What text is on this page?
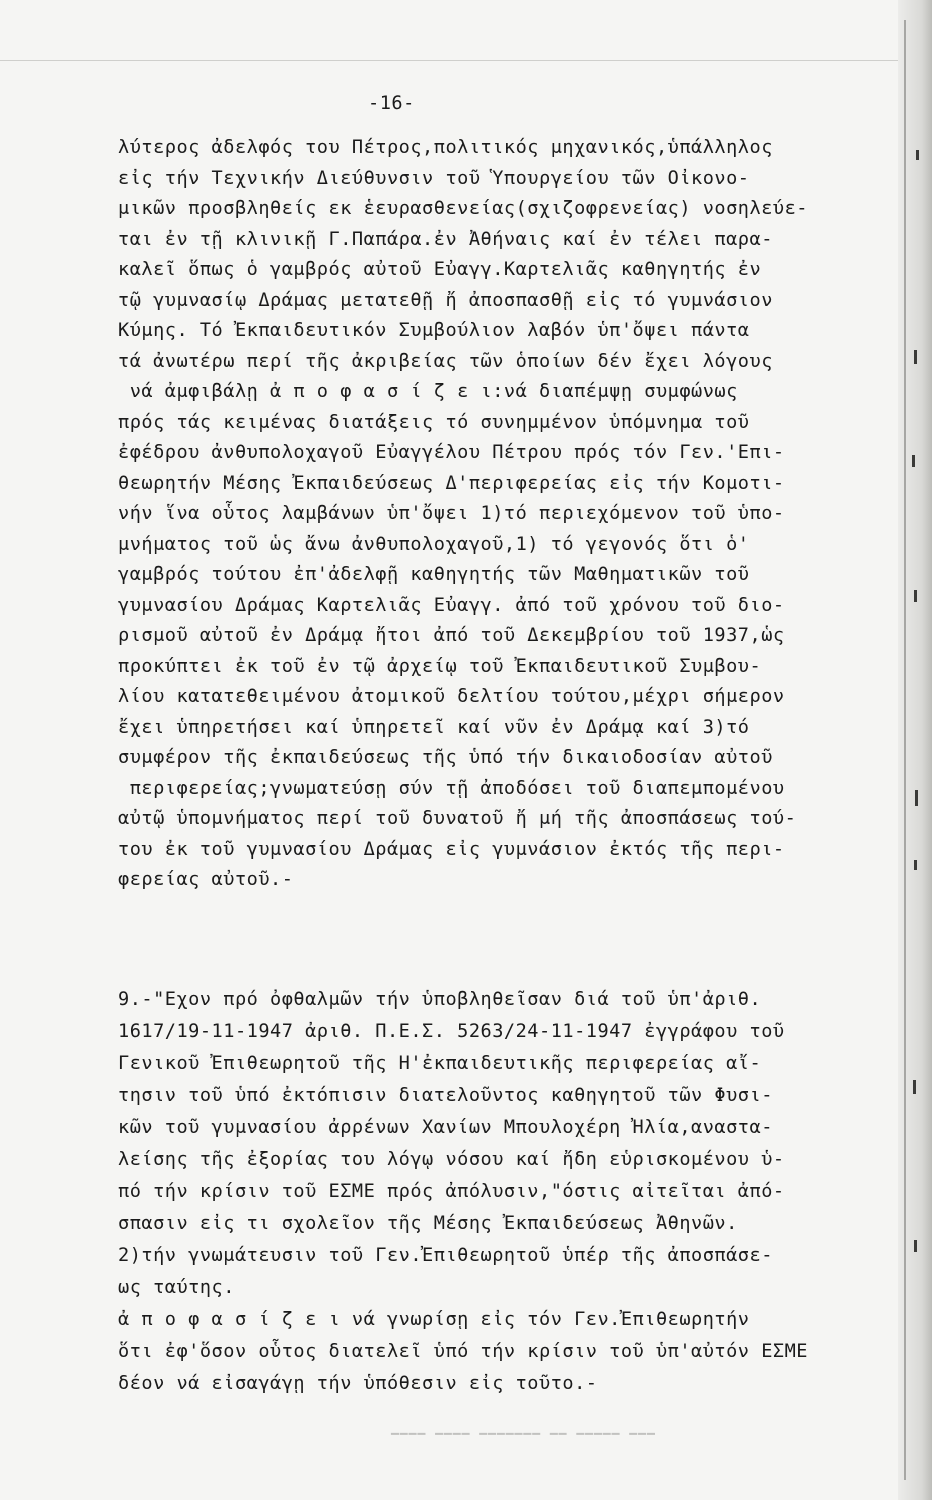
-16-
λύτερος ἀδελφός του Πέτρος,πολιτικός μηχανικός,ὑπάλληλος
εἰς τήν Τεχνικήν Διεύθυνσιν τοῦ Ὑπουργείου τῶν Οἰκονο-
μικῶν προσβληθείς εκ ἑευρασθενείας(σχιζοφρενείας) νοσηλεύε-
ται ἐν τῇ κλινικῇ Γ.Παπάρα.ἐν Ἀθήναις καί ἐν τέλει παρα-
καλεῖ ὅπως ὁ γαμβρός αὐτοῦ Εὐαγγ.Καρτελιᾶς καθηγητής ἐν
τῷ γυμνασίῳ Δράμας μετατεθῇ ἤ ἀποσπασθῇ εἰς τό γυμνάσιον
Κύμης. Τό Ἐκπαιδευτικόν Συμβούλιον λαβόν ὑπ'ὄψει πάντα
τά ἀνωτέρω περί τῆς ἀκριβείας τῶν ὁποίων δέν ἔχει λόγους
νά ἀμφιβάλῃ ἀ π ο φ α σ ί ζ ε ι:νά διαπέμψῃ συμφώνως
πρός τάς κειμένας διατάξεις τό συνημμένον ὑπόμνημα τοῦ
ἐφέδρου ἀνθυπολοχαγοῦ Εὐαγγέλου Πέτρου πρός τόν Γεν.'Επι-
θεωρητήν Μέσης Ἐκπαιδεύσεως Δ'περιφερείας εἰς τήν Κομοτι-
νήν ἵνα οὗτος λαμβάνων ὑπ'ὄψει 1)τό περιεχόμενον τοῦ ὑπο-
μνήματος τοῦ ὡς ἄνω ἀνθυπολοχαγοῦ,1) τό γεγονός ὅτι ὁ'
γαμβρός τούτου ἐπ'ἀδελφῇ καθηγητής τῶν Μαθηματικῶν τοῦ
γυμνασίου Δράμας Καρτελιᾶς Εὐαγγ. ἀπό τοῦ χρόνου τοῦ διο-
ρισμοῦ αὐτοῦ ἐν Δράμᾳ ἤτοι ἀπό τοῦ Δεκεμβρίου τοῦ 1937,ὡς
προκύπτει ἐκ τοῦ ἐν τῷ ἀρχείῳ τοῦ Ἐκπαιδευτικοῦ Συμβου-
λίου κατατεθειμένου ἀτομικοῦ δελτίου τούτου,μέχρι σήμερον
ἔχει ὑπηρετήσει καί ὑπηρετεῖ καί νῦν ἐν Δράμᾳ καί 3)τό
συμφέρον τῆς ἐκπαιδεύσεως τῆς ὑπό τήν δικαιοδοσίαν αὐτοῦ
περιφερείας;γνωματεύσῃ σύν τῇ ἀποδόσει τοῦ διαπεμπομένου
αὐτῷ ὑπομνήματος περί τοῦ δυνατοῦ ἤ μή τῆς ἀποσπάσεως τού-
του ἐκ τοῦ γυμνασίου Δράμας εἰς γυμνάσιον ἐκτός τῆς περι-
φερείας αὐτοῦ.-
9.-"Εχον πρό ὀφθαλμῶν τήν ὑποβληθεῖσαν διά τοῦ ὑπ'ἀριθ.
1617/19-11-1947 ἀριθ. Π.Ε.Σ. 5263/24-11-1947 ἐγγράφου τοῦ
Γενικοῦ Ἐπιθεωρητοῦ τῆς Η'ἐκπαιδευτικῆς περιφερείας αἴ-
τησιν τοῦ ὑπό ἐκτόπισιν διατελοῦντος καθηγητοῦ τῶν Φυσι-
κῶν τοῦ γυμνασίου ἀρρένων Χανίων Μπουλοχέρη Ἠλία,αναστα-
λείσης τῆς ἐξορίας του λόγῳ νόσου καί ἤδη εὑρισκομένου ὑ-
πό τήν κρίσιν τοῦ ΕΣΜΕ πρός ἀπόλυσιν,"όστις αἰτεῖται ἀπό-
σπασιν εἰς τι σχολεῖον τῆς Μέσης Ἐκπαιδεύσεως Ἀθηνῶν.
2)τήν γνωμάτευσιν τοῦ Γεν.Ἐπιθεωρητοῦ ὑπέρ τῆς ἀποσπάσε-
ως ταύτης.
ἀ π ο φ α σ ί ζ ε ι νά γνωρίσῃ εἰς τόν Γεν.Ἐπιθεωρητήν
ὅτι ἐφ'ὅσον οὗτος διατελεῖ ὑπό τήν κρίσιν τοῦ ὑπ'αὐτόν ΕΣΜΕ
δέον νά εἰσαγάγῃ τήν ὑπόθεσιν εἰς τοῦτο.-
▁▁▁ ▁▁▁▁▁ ▁▁ ▁▁▁▁▁▁▁ ▁▁▁▁ ▁▁▁▁
